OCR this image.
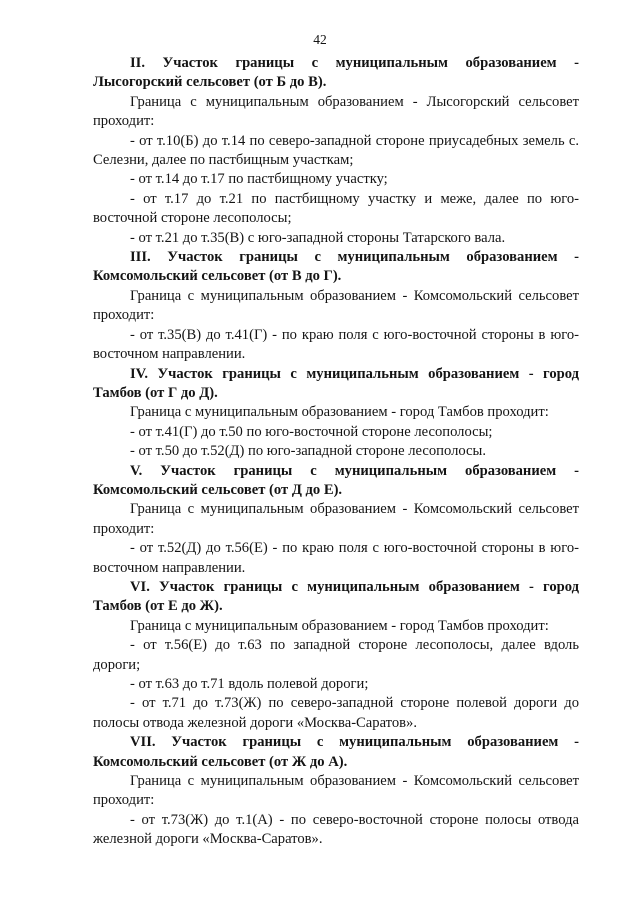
42

II. Участок границы с муниципальным образованием -

Лысогорский сельсовет (от Б до В).

Граница с муниципальным образованием - Лысогорский сельсовет проходит:

- от т.10(Б) до т.14 по северо-западной стороне приусадебных земель с. Селезни, далее по пастбищным участкам;

- от т.14 до т.17 по пастбищному участку;

- от т.17 до т.21 по пастбищному участку и меже, далее по юго-восточной стороне лесополосы;

- от т.21 до т.35(В) с юго-западной стороны Татарского вала.

III. Участок границы с муниципальным образованием -

Комсомольский сельсовет (от В до Г).

Граница с муниципальным образованием - Комсомольский сельсовет проходит:

- от т.35(В) до т.41(Г) - по краю поля с юго-восточной стороны в юго-восточном направлении.

IV. Участок границы с муниципальным образованием - город

Тамбов (от Г до Д).

Граница с муниципальным образованием - город Тамбов проходит:

- от т.41(Г) до т.50 по юго-восточной стороне лесополосы;

- от т.50 до т.52(Д) по юго-западной стороне лесополосы.

V. Участок границы с муниципальным образованием -

Комсомольский сельсовет (от Д до Е).

Граница с муниципальным образованием - Комсомольский сельсовет проходит:

- от т.52(Д) до т.56(Е) - по краю поля с юго-восточной стороны в юго-восточном направлении.

VI. Участок границы с муниципальным образованием - город

Тамбов (от Е до Ж).

Граница с муниципальным образованием - город Тамбов проходит:

- от т.56(Е) до т.63 по западной стороне лесополосы, далее вдоль дороги;

- от т.63 до т.71 вдоль полевой дороги;

- от т.71 до т.73(Ж) по северо-западной стороне полевой дороги до полосы отвода железной дороги «Москва-Саратов».

VII. Участок границы с муниципальным образованием -

Комсомольский сельсовет (от Ж до А).

Граница с муниципальным образованием - Комсомольский сельсовет проходит:

- от т.73(Ж) до т.1(А) - по северо-восточной стороне полосы отвода железной дороги «Москва-Саратов».
